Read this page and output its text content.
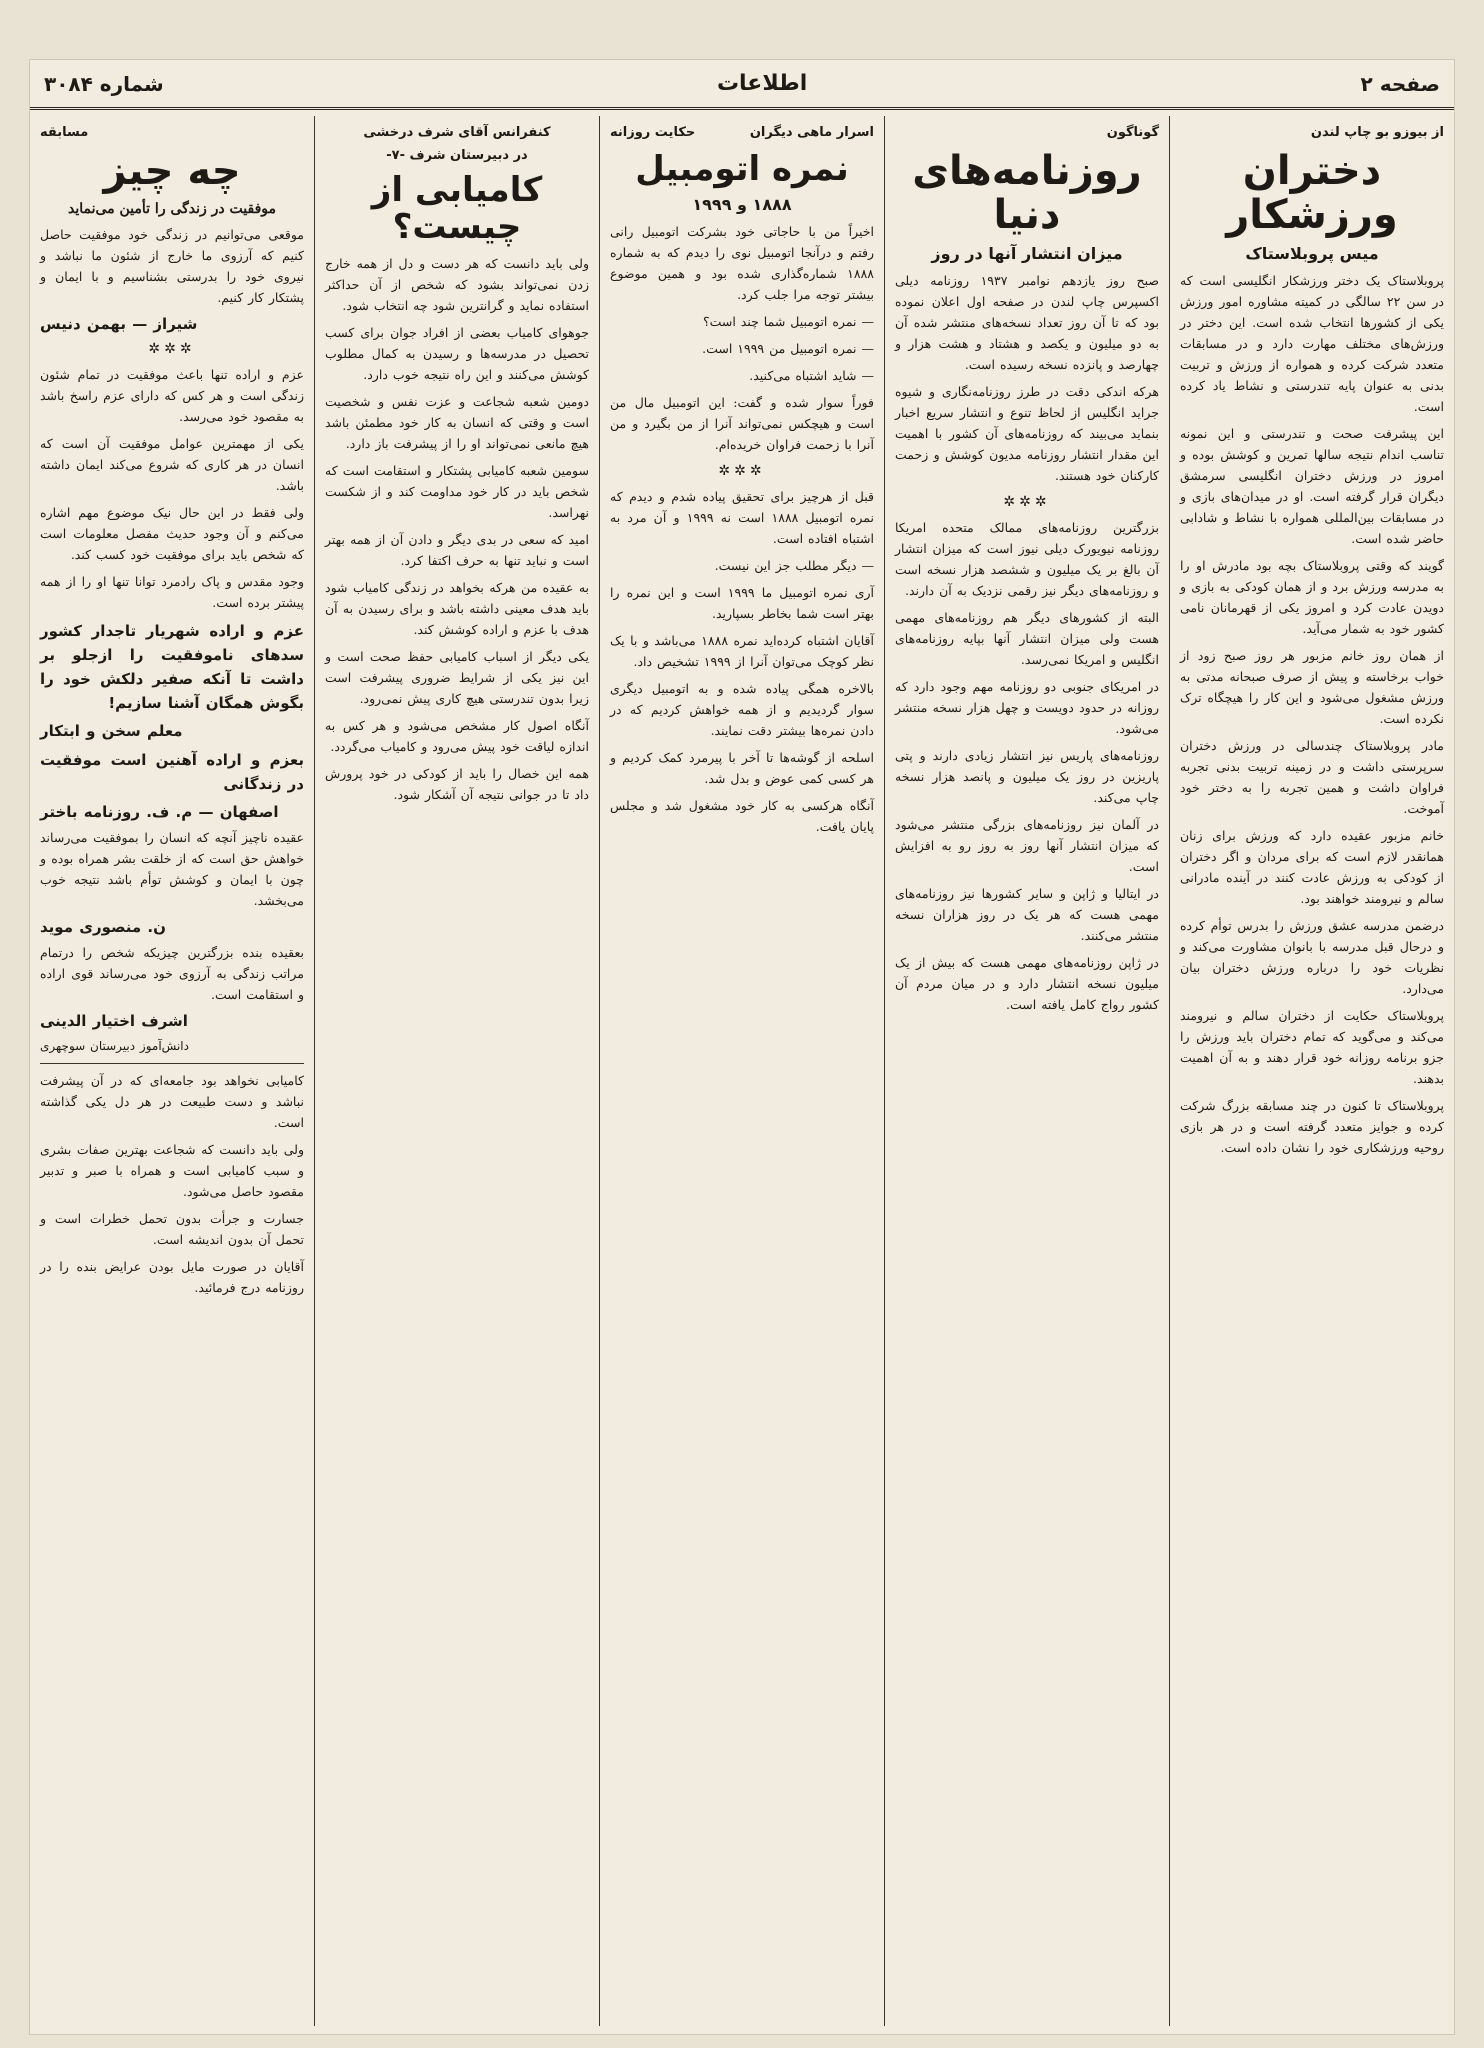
صفحه ۲
اطلاعات
شماره ۳۰۸۴
از بیوزو بو چاپ لندن
دختران ورزشکار
میس پروبلاستاک

پروبلاستاک یک دختر ورزشکار انگلیسی است که در سن ۲۲ سالگی در کمیته مشاوره امور ورزش یکی از کشورها انتخاب شده است. این دختر در ورزش‌های مختلف مهارت دارد و در مسابقات متعدد شرکت کرده و همواره از ورزش و تربیت بدنی به عنوان پایه تندرستی و نشاط یاد کرده است.

این پیشرفت صحت و تندرستی و این نمونه تناسب اندام نتیجه سالها تمرین و کوشش بوده و امروز در ورزش دختران انگلیسی سرمشق دیگران قرار گرفته است. او در میدان‌های بازی و در مسابقات بین‌المللی همواره با نشاط و شادابی حاضر شده است.

گویند که وقتی پروبلاستاک بچه بود مادرش او را به مدرسه ورزش برد و از همان کودکی به بازی و دویدن عادت کرد و امروز یکی از قهرمانان نامی کشور خود به شمار می‌آید.

از همان روز خانم مزبور هر روز صبح زود از خواب برخاسته و پیش از صرف صبحانه مدتی به ورزش مشغول می‌شود و این کار را هیچگاه ترک نکرده است.

مادر پروبلاستاک چندسالی در ورزش دختران سرپرستی داشت و در زمینه تربیت بدنی تجربه فراوان داشت و همین تجربه را به دختر خود آموخت.

خانم مزبور عقیده دارد که ورزش برای زنان همانقدر لازم است که برای مردان و اگر دختران از کودکی به ورزش عادت کنند در آینده مادرانی سالم و نیرومند خواهند بود.

درضمن مدرسه عشق ورزش را بدرس توأم کرده و درحال قبل مدرسه با بانوان مشاورت می‌کند و نظریات خود را درباره ورزش دختران بیان می‌دارد.

پروبلاستاک حکایت از دختران سالم و نیرومند می‌کند و می‌گوید که تمام دختران باید ورزش را جزو برنامه روزانه خود قرار دهند و به آن اهمیت بدهند.

پروبلاستاک تا کنون در چند مسابقه بزرگ شرکت کرده و جوایز متعدد گرفته است و در هر بازی روحیه ورزشکاری خود را نشان داده است.

گوناگون
روزنامه‌های دنیا
میزان انتشار آنها در روز

صبح روز یازدهم نوامبر ۱۹۳۷ روزنامه دیلی اکسپرس چاپ لندن در صفحه اول اعلان نموده بود که تا آن روز تعداد نسخه‌های منتشر شده آن به دو میلیون و یکصد و هشتاد و هشت هزار و چهارصد و پانزده نسخه رسیده است.

هرکه اندکی دقت در طرز روزنامه‌نگاری و شیوه جراید انگلیس از لحاظ تنوع و انتشار سریع اخبار بنماید می‌بیند که روزنامه‌های آن کشور با اهمیت این مقدار انتشار روزنامه مدیون کوشش و زحمت کارکنان خود هستند.

✲✲✲

بزرگترین روزنامه‌های ممالک متحده امریکا روزنامه نیویورک دیلی نیوز است که میزان انتشار آن بالغ بر یک میلیون و ششصد هزار نسخه است و روزنامه‌های دیگر نیز رقمی نزدیک به آن دارند.

البته از کشورهای دیگر هم روزنامه‌های مهمی هست ولی میزان انتشار آنها بپایه روزنامه‌های انگلیس و امریکا نمی‌رسد.

در امریکای جنوبی دو روزنامه مهم وجود دارد که روزانه در حدود دویست و چهل هزار نسخه منتشر می‌شود.

روزنامه‌های پاریس نیز انتشار زیادی دارند و پتی پاریزین در روز یک میلیون و پانصد هزار نسخه چاپ می‌کند.

در آلمان نیز روزنامه‌های بزرگی منتشر می‌شود که میزان انتشار آنها روز به روز رو به افزایش است.

در ایتالیا و ژاپن و سایر کشورها نیز روزنامه‌های مهمی هست که هر یک در روز هزاران نسخه منتشر می‌کنند.

در ژاپن روزنامه‌های مهمی هست که بیش از یک میلیون نسخه انتشار دارد و در میان مردم آن کشور رواج کامل یافته است.

اسرار ماهی دیگران
حکایت روزانه
نمره اتومبیل
۱۸۸۸ و ۱۹۹۹

اخیراً من با حاجاتی خود بشرکت اتومبیل رانی رفتم و درآنجا اتومبیل نوی را دیدم که به شماره ۱۸۸۸ شماره‌گذاری شده بود و همین موضوع بیشتر توجه مرا جلب کرد.

— نمره اتومبیل شما چند است؟

— نمره اتومبیل من ۱۹۹۹ است.

— شاید اشتباه می‌کنید.

فوراً سوار شده و گفت: این اتومبیل مال من است و هیچکس نمی‌تواند آنرا از من بگیرد و من آنرا با زحمت فراوان خریده‌ام.

✲✲✲

قبل از هرچیز برای تحقیق پیاده شدم و دیدم که نمره اتومبیل ۱۸۸۸ است نه ۱۹۹۹ و آن مرد به اشتباه افتاده است.

— دیگر مطلب جز این نیست.

آری نمره اتومبیل ما ۱۹۹۹ است و این نمره را بهتر است شما بخاطر بسپارید.

آقایان اشتباه کرده‌اید نمره ۱۸۸۸ می‌باشد و با یک نظر کوچک می‌توان آنرا از ۱۹۹۹ تشخیص داد.

بالاخره همگی پیاده شده و به اتومبیل دیگری سوار گردیدیم و از همه خواهش کردیم که در دادن نمره‌ها بیشتر دقت نمایند.

اسلحه از گوشه‌ها تا آخر با پیرمرد کمک کردیم و هر کسی کمی عوض و بدل شد.

آنگاه هرکسی به کار خود مشغول شد و مجلس پایان یافت.

کنفرانس آقای شرف درخشی
در دبیرستان شرف -۷-
کامیابی از چیست؟

ولی باید دانست که هر دست و دل از همه خارج زدن نمی‌تواند بشود که شخص از آن حداکثر استفاده نماید و گرانترین شود چه انتخاب شود.

جوهوای کامیاب بعضی از افراد جوان برای کسب تحصیل در مدرسه‌ها و رسیدن به کمال مطلوب کوشش می‌کنند و این راه نتیجه خوب دارد.

دومین شعبه شجاعت و عزت نفس و شخصیت است و وقتی که انسان به کار خود مطمئن باشد هیچ مانعی نمی‌تواند او را از پیشرفت باز دارد.

سومین شعبه کامیابی پشتکار و استقامت است که شخص باید در کار خود مداومت کند و از شکست نهراسد.

امید که سعی در بدی دیگر و دادن آن از همه بهتر است و نباید تنها به حرف اکتفا کرد.

به عقیده من هرکه بخواهد در زندگی کامیاب شود باید هدف معینی داشته باشد و برای رسیدن به آن هدف با عزم و اراده کوشش کند.

یکی دیگر از اسباب کامیابی حفظ صحت است و این نیز یکی از شرایط ضروری پیشرفت است زیرا بدون تندرستی هیچ کاری پیش نمی‌رود.

آنگاه اصول کار مشخص می‌شود و هر کس به اندازه لیاقت خود پیش می‌رود و کامیاب می‌گردد.

همه این خصال را باید از کودکی در خود پرورش داد تا در جوانی نتیجه آن آشکار شود.

مسابقه
چه چیز
موفقیت در زندگی را تأمین می‌نماید

موقعی می‌توانیم در زندگی خود موفقیت حاصل کنیم که آرزوی ما خارج از شئون ما نباشد و نیروی خود را بدرستی بشناسیم و با ایمان و پشتکار کار کنیم.

شیراز — بهمن دنیس
✲✲✲

عزم و اراده تنها باعث موفقیت در تمام شئون زندگی است و هر کس که دارای عزم راسخ باشد به مقصود خود می‌رسد.

یکی از مهمترین عوامل موفقیت آن است که انسان در هر کاری که شروع می‌کند ایمان داشته باشد.

ولی فقط در این حال نیک موضوع مهم اشاره می‌کنم و آن وجود حدیث مفصل معلومات است که شخص باید برای موفقیت خود کسب کند.

وجود مقدس و پاک رادمرد توانا تنها او را از همه پیشتر برده است.

عزم و اراده شهریار تاجدار کشور سدهای ناموفقیت را ازجلو بر داشت تا آنکه صفیر دلکش خود را بگوش همگان آشنا سازیم!
معلم سخن و ابتکار
بعزم و اراده آهنین است موفقیت در زندگانی
اصفهان — م. ف. روزنامه باختر

عقیده ناچیز آنچه که انسان را بموفقیت می‌رساند خواهش حق است که از خلقت بشر همراه بوده و چون با ایمان و کوشش توأم باشد نتیجه خوب می‌بخشد.

ن. منصوری موید

بعقیده بنده بزرگترین چیزیکه شخص را درتمام مراتب زندگی به آرزوی خود می‌رساند قوی اراده و استقامت است.

اشرف اختیار الدینی
دانش‌آموز دبیرستان سوچهری

کامیابی نخواهد بود جامعه‌ای که در آن پیشرفت نباشد و دست طبیعت در هر دل یکی گذاشته است.

ولی باید دانست که شجاعت بهترین صفات بشری و سبب کامیابی است و همراه با صبر و تدبیر مقصود حاصل می‌شود.

جسارت و جرأت بدون تحمل خطرات است و تحمل آن بدون اندیشه است.

آقایان در صورت مایل بودن عرایض بنده را در روزنامه درج فرمائید.
